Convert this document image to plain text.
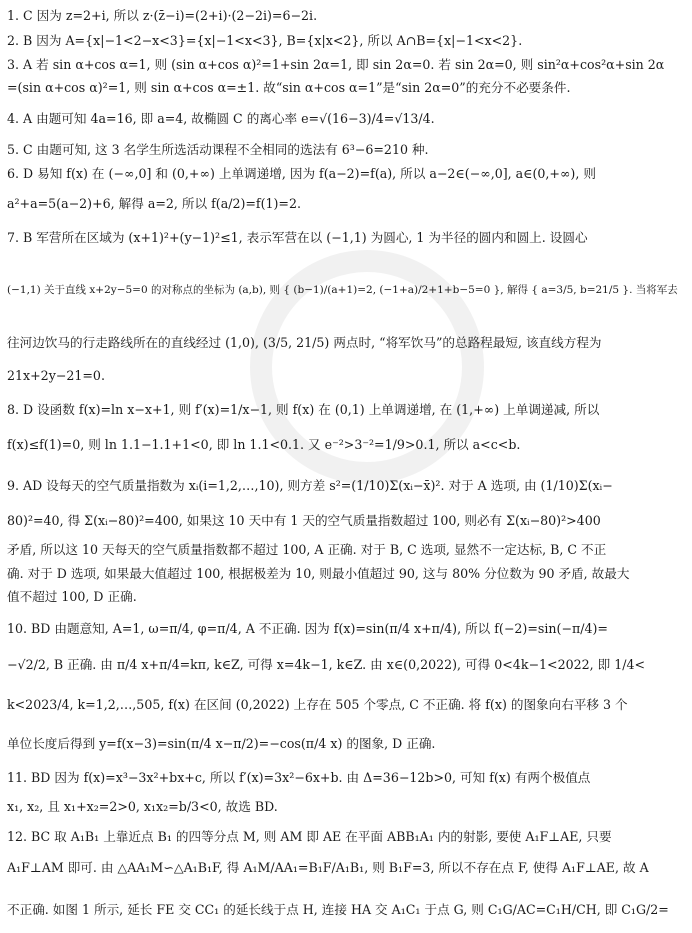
1. C 因为 z=2+i, 所以 z·(z̄−i)=(2+i)·(2−2i)=6−2i.
2. B 因为 A={x|−1<2−x<3}={x|−1<x<3}, B={x|x<2}, 所以 A∩B={x|−1<x<2}.
3. A 若 sin α+cos α=1, 则 (sin α+cos α)²=1+sin 2α=1, 即 sin 2α=0. 若 sin 2α=0, 则 sin²α+cos²α+sin 2α
=(sin α+cos α)²=1, 则 sin α+cos α=±1. 故“sin α+cos α=1”是“sin 2α=0”的充分不必要条件.
4. A 由题可知 4a=16, 即 a=4, 故椭圆 C 的离心率 e=√(16−3)/4=√13/4.
5. C 由题可知, 这 3 名学生所选活动课程不全相同的选法有 6³−6=210 种.
6. D 易知 f(x) 在 (−∞,0] 和 (0,+∞) 上单调递增, 因为 f(a−2)=f(a), 所以 a−2∈(−∞,0], a∈(0,+∞), 则
a²+a=5(a−2)+6, 解得 a=2, 所以 f(a/2)=f(1)=2.
7. B 军营所在区域为 (x+1)²+(y−1)²≤1, 表示军营在以 (−1,1) 为圆心, 1 为半径的圆内和圆上. 设圆心
(−1,1) 关于直线 x+2y−5=0 的对称点的坐标为 (a,b), 则 { (b−1)/(a+1)=2, (−1+a)/2+1+b−5=0 }, 解得 { a=3/5, b=21/5 }. 当将军去
往河边饮马的行走路线所在的直线经过 (1,0), (3/5, 21/5) 两点时, “将军饮马”的总路程最短, 该直线方程为
21x+2y−21=0.
8. D 设函数 f(x)=ln x−x+1, 则 f′(x)=1/x−1, 则 f(x) 在 (0,1) 上单调递增, 在 (1,+∞) 上单调递减, 所以
f(x)≤f(1)=0, 则 ln 1.1−1.1+1<0, 即 ln 1.1<0.1. 又 e⁻²>3⁻²=1/9>0.1, 所以 a<c<b.
9. AD 设每天的空气质量指数为 xᵢ(i=1,2,…,10), 则方差 s²=(1/10)Σ(xᵢ−x̄)². 对于 A 选项, 由 (1/10)Σ(xᵢ−
80)²=40, 得 Σ(xᵢ−80)²=400, 如果这 10 天中有 1 天的空气质量指数超过 100, 则必有 Σ(xᵢ−80)²>400
矛盾, 所以这 10 天每天的空气质量指数都不超过 100, A 正确. 对于 B, C 选项, 显然不一定达标, B, C 不正
确. 对于 D 选项, 如果最大值超过 100, 根据极差为 10, 则最小值超过 90, 这与 80% 分位数为 90 矛盾, 故最大
值不超过 100, D 正确.
10. BD 由题意知, A=1, ω=π/4, φ=π/4, A 不正确. 因为 f(x)=sin(π/4 x+π/4), 所以 f(−2)=sin(−π/4)=
−√2/2, B 正确. 由 π/4 x+π/4=kπ, k∈Z, 可得 x=4k−1, k∈Z. 由 x∈(0,2022), 可得 0<4k−1<2022, 即 1/4<
k<2023/4, k=1,2,…,505, f(x) 在区间 (0,2022) 上存在 505 个零点, C 不正确. 将 f(x) 的图象向右平移 3 个
单位长度后得到 y=f(x−3)=sin(π/4 x−π/2)=−cos(π/4 x) 的图象, D 正确.
11. BD 因为 f(x)=x³−3x²+bx+c, 所以 f′(x)=3x²−6x+b. 由 Δ=36−12b>0, 可知 f(x) 有两个极值点
x₁, x₂, 且 x₁+x₂=2>0, x₁x₂=b/3<0, 故选 BD.
12. BC 取 A₁B₁ 上靠近点 B₁ 的四等分点 M, 则 AM 即 AE 在平面 ABB₁A₁ 内的射影, 要使 A₁F⊥AE, 只要
A₁F⊥AM 即可. 由 △AA₁M∽△A₁B₁F, 得 A₁M/AA₁=B₁F/A₁B₁, 则 B₁F=3, 所以不存在点 F, 使得 A₁F⊥AE, 故 A
不正确. 如图 1 所示, 延长 FE 交 CC₁ 的延长线于点 H, 连接 HA 交 A₁C₁ 于点 G, 则 C₁G/AC=C₁H/CH, 即 C₁G/2=
